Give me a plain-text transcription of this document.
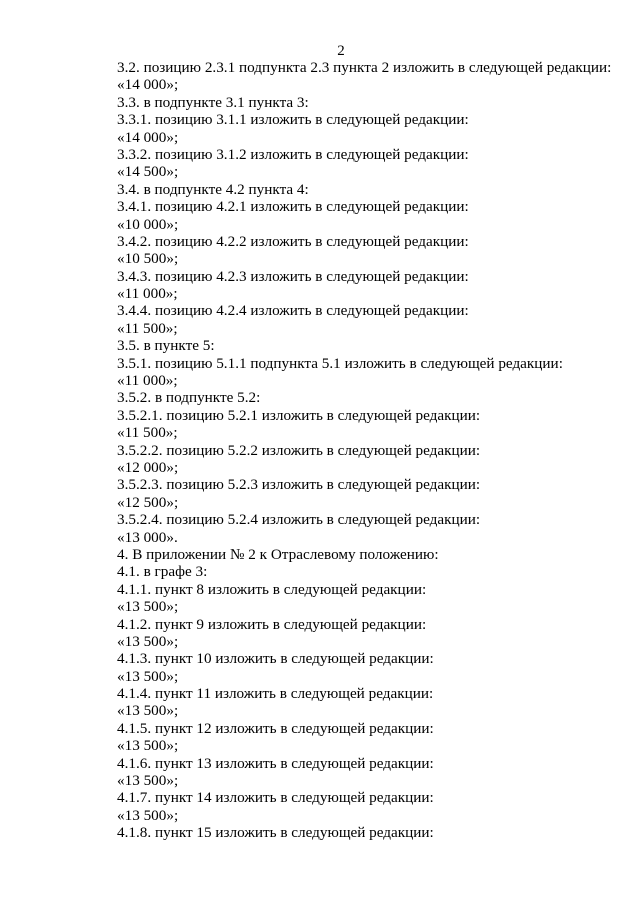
2
3.2. позицию 2.3.1 подпункта 2.3 пункта 2 изложить в следующей редакции:
«14 000»;
3.3. в подпункте 3.1 пункта 3:
3.3.1. позицию 3.1.1 изложить в следующей редакции:
«14 000»;
3.3.2. позицию 3.1.2 изложить в следующей редакции:
«14 500»;
3.4. в подпункте 4.2 пункта 4:
3.4.1. позицию 4.2.1 изложить в следующей редакции:
«10 000»;
3.4.2. позицию 4.2.2 изложить в следующей редакции:
«10 500»;
3.4.3. позицию 4.2.3 изложить в следующей редакции:
«11 000»;
3.4.4. позицию 4.2.4 изложить в следующей редакции:
«11 500»;
3.5. в пункте 5:
3.5.1. позицию 5.1.1 подпункта 5.1 изложить в следующей редакции:
«11 000»;
3.5.2. в подпункте 5.2:
3.5.2.1. позицию 5.2.1 изложить в следующей редакции:
«11 500»;
3.5.2.2. позицию 5.2.2 изложить в следующей редакции:
«12 000»;
3.5.2.3. позицию 5.2.3 изложить в следующей редакции:
«12 500»;
3.5.2.4. позицию 5.2.4 изложить в следующей редакции:
«13 000».
4. В приложении № 2 к Отраслевому положению:
4.1. в графе 3:
4.1.1. пункт 8 изложить в следующей редакции:
«13 500»;
4.1.2. пункт 9 изложить в следующей редакции:
«13 500»;
4.1.3. пункт 10 изложить в следующей редакции:
«13 500»;
4.1.4. пункт 11 изложить в следующей редакции:
«13 500»;
4.1.5. пункт 12 изложить в следующей редакции:
«13 500»;
4.1.6. пункт 13 изложить в следующей редакции:
«13 500»;
4.1.7. пункт 14 изложить в следующей редакции:
«13 500»;
4.1.8. пункт 15 изложить в следующей редакции:
